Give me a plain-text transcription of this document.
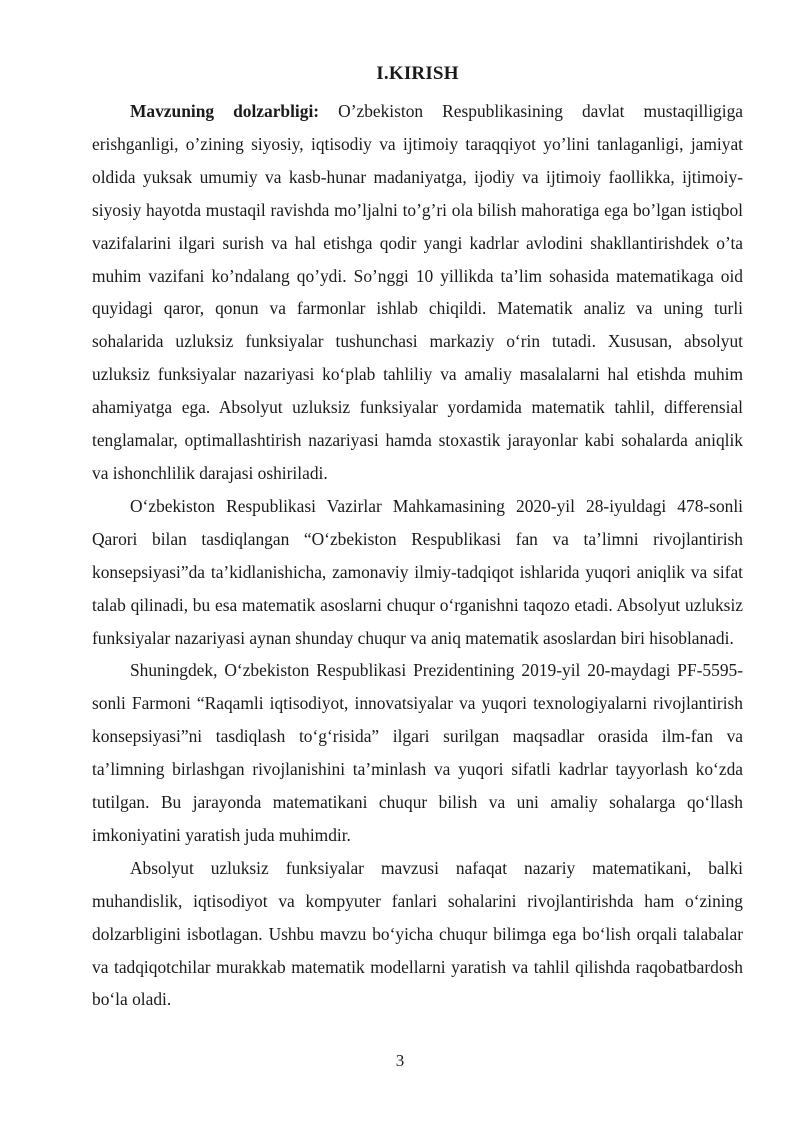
I.KIRISH

Mavzuning dolzarbligi: O’zbekiston Respublikasining davlat mustaqilligiga erishganligi, o’zining siyosiy, iqtisodiy va ijtimoiy taraqqiyot yo’lini tanlaganligi, jamiyat oldida yuksak umumiy va kasb-hunar madaniyatga, ijodiy va ijtimoiy faollikka, ijtimoiy-siyosiy hayotda mustaqil ravishda mo’ljalni to’g’ri ola bilish mahoratiga ega bo’lgan istiqbol vazifalarini ilgari surish va hal etishga qodir yangi kadrlar avlodini shakllantirishdek o’ta muhim vazifani ko’ndalang qo’ydi. So’nggi 10 yillikda ta’lim sohasida matematikaga oid quyidagi qaror, qonun va farmonlar ishlab chiqildi. Matematik analiz va uning turli sohalarida uzluksiz funksiyalar tushunchasi markaziy o‘rin tutadi. Xususan, absolyut uzluksiz funksiyalar nazariyasi ko‘plab tahliliy va amaliy masalalarni hal etishda muhim ahamiyatga ega. Absolyut uzluksiz funksiyalar yordamida matematik tahlil, differensial tenglamalar, optimallashtirish nazariyasi hamda stoxastik jarayonlar kabi sohalarda aniqlik va ishonchlilik darajasi oshiriladi.

O‘zbekiston Respublikasi Vazirlar Mahkamasining 2020-yil 28-iyuldagi 478-sonli Qarori bilan tasdiqlangan “O‘zbekiston Respublikasi fan va ta’limni rivojlantirish konsepsiyasi”da ta’kidlanishicha, zamonaviy ilmiy-tadqiqot ishlarida yuqori aniqlik va sifat talab qilinadi, bu esa matematik asoslarni chuqur o‘rganishni taqozo etadi. Absolyut uzluksiz funksiyalar nazariyasi aynan shunday chuqur va aniq matematik asoslardan biri hisoblanadi.

Shuningdek, O‘zbekiston Respublikasi Prezidentining 2019-yil 20-maydagi PF-5595-sonli Farmoni “Raqamli iqtisodiyot, innovatsiyalar va yuqori texnologiyalarni rivojlantirish konsepsiyasi”ni tasdiqlash to‘g‘risida” ilgari surilgan maqsadlar orasida ilm-fan va ta’limning birlashgan rivojlanishini ta’minlash va yuqori sifatli kadrlar tayyorlash ko‘zda tutilgan. Bu jarayonda matematikani chuqur bilish va uni amaliy sohalarga qo‘llash imkoniyatini yaratish juda muhimdir.

Absolyut uzluksiz funksiyalar mavzusi nafaqat nazariy matematikani, balki muhandislik, iqtisodiyot va kompyuter fanlari sohalarini rivojlantirishda ham o‘zining dolzarbligini isbotlagan. Ushbu mavzu bo‘yicha chuqur bilimga ega bo‘lish orqali talabalar va tadqiqotchilar murakkab matematik modellarni yaratish va tahlil qilishda raqobatbardosh bo‘la oladi.

3
